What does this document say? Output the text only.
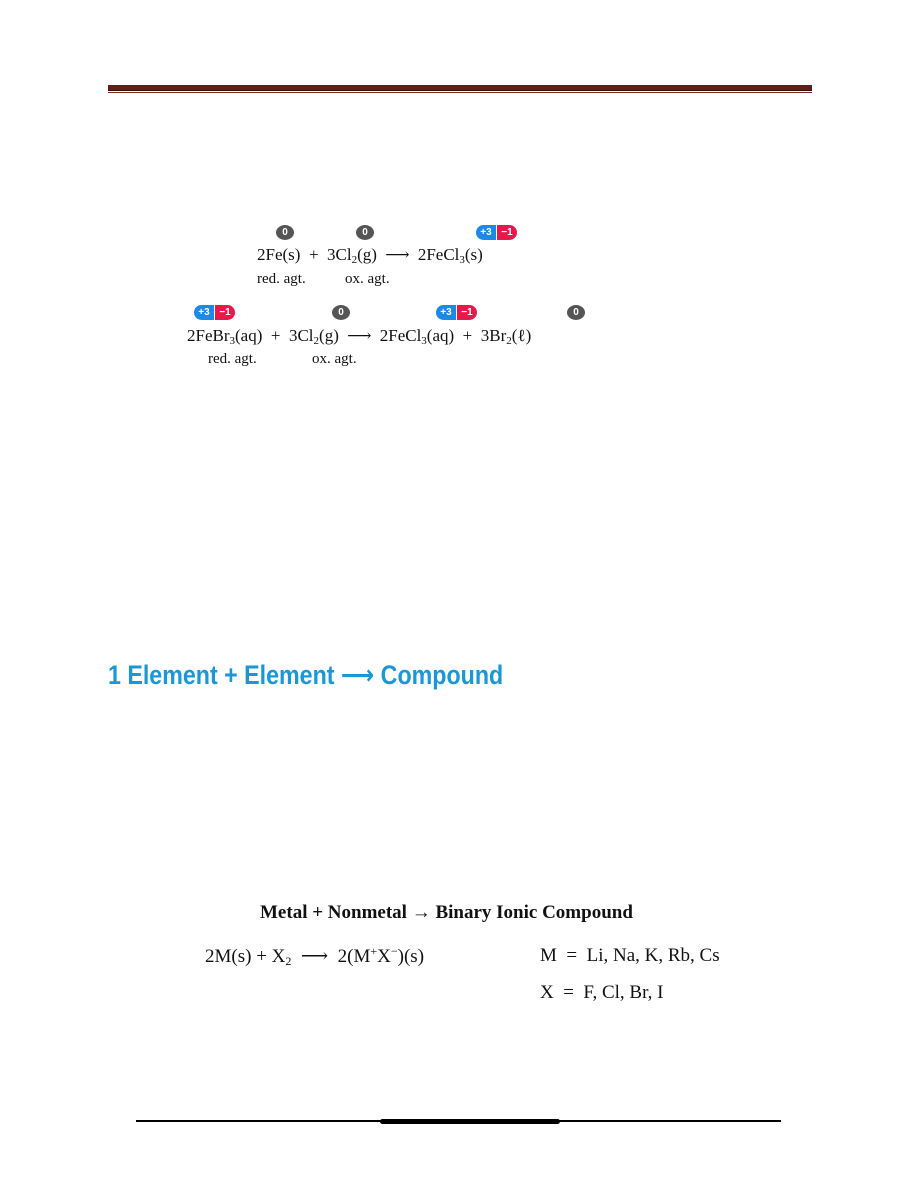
0	0	+3 −1
$2Fe(s) + 3Cl_2(g)$ ⟶ 2FeCl$_3$(s)
red. agt.	ox. agt.
+3 −1	0	+3 −1	0
2FeBr$_3$(aq) + $3Cl_2(g)$ ⟶ 2FeCl$_3$(aq) + $3Br_2(\ell)$
red. agt.	ox. agt.
1 Element + Element ⟶ Compound
Metal + Nonmetal → Binary Ionic Compound
$2M(s) + X_2$  ⟶  2(M+X−)(s)	M  =  Li, Na, K, Rb, Cs
X  =  F, Cl, Br, I
